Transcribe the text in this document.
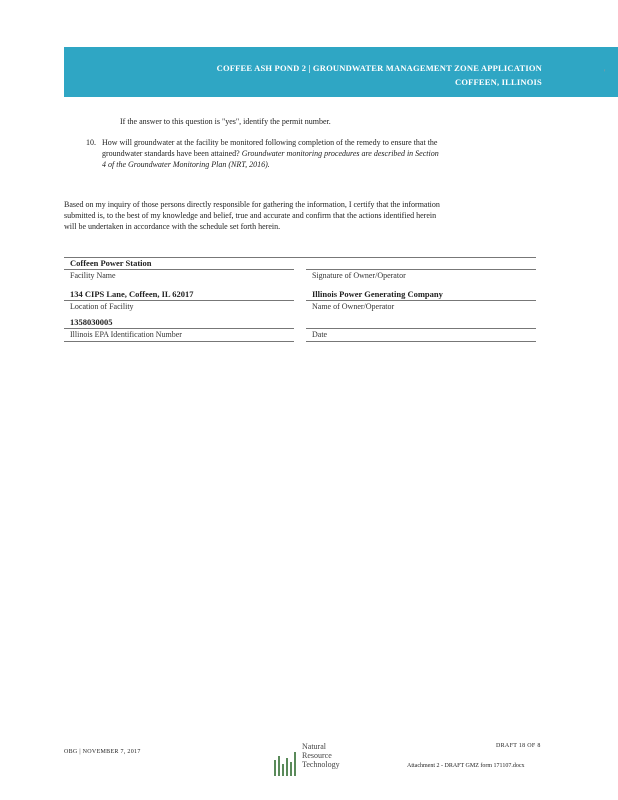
COFFEE ASH POND 2 | GROUNDWATER MANAGEMENT ZONE APPLICATION
COFFEEN, ILLINOIS
'
If the answer to this question is "yes", identify the permit number.
10. How will groundwater at the facility be monitored following completion of the remedy to ensure that the
groundwater standards have been attained? Groundwater monitoring procedures are described in Section
4 of the Groundwater Monitoring Plan (NRT, 2016).
Based on my inquiry of those persons directly responsible for gathering the information, I certify that the information
submitted is, to the best of my knowledge and belief, true and accurate and confirm that the actions identified herein
will be undertaken in accordance with the schedule set forth herein.
Coffeen Power Station
Facility Name	Signature of Owner/Operator
134 CIPS Lane, Coffeen, IL 62017
Location of Facility
Illinois Power Generating Company
Name of Owner/Operator
1358030005
Illinois EPA Identification Number	Date
OBG | NOVEMBER 7, 2017
Natural
Resource
Technology
DRAFT 18 OF 8
Attachment 2 - DRAFT GMZ form 171107.docx
